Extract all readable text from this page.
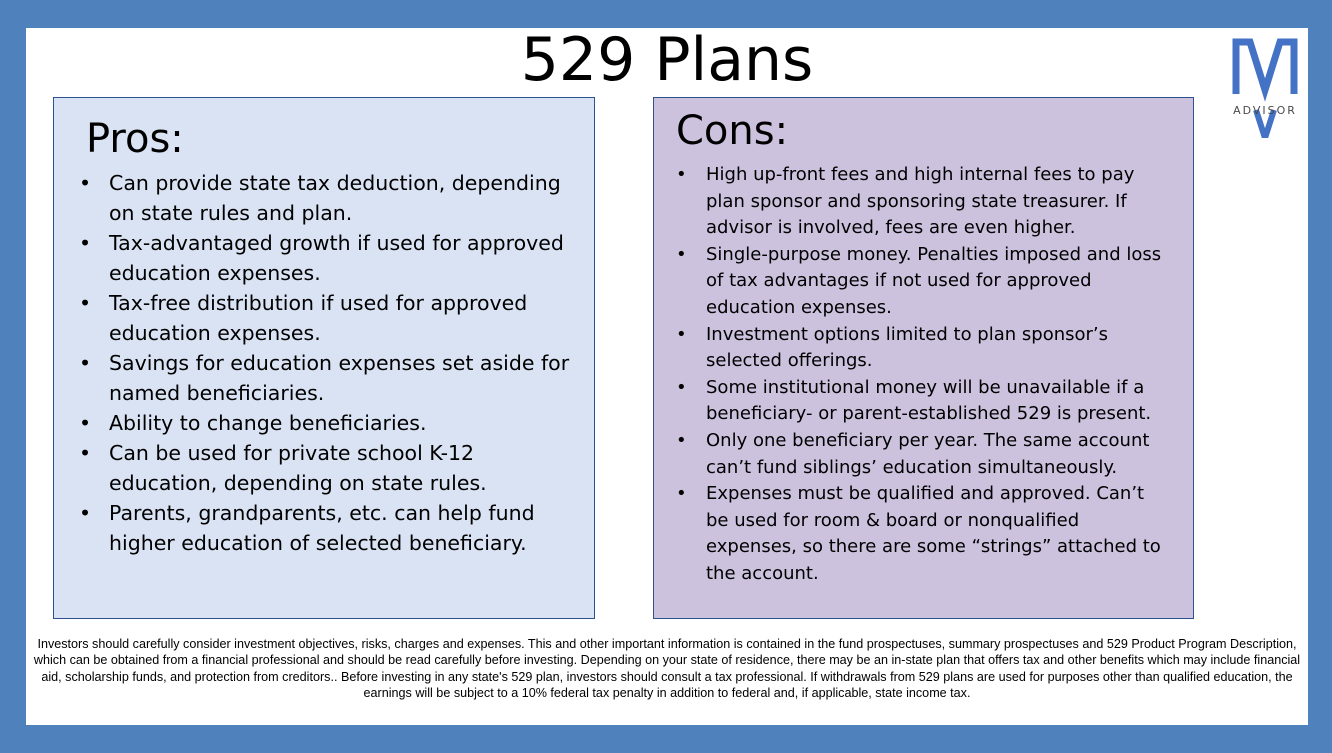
529 Plans
ADVISOR
Pros:
• Can provide state tax deduction, depending on state rules and plan.
• Tax-advantaged growth if used for approved education expenses.
• Tax-free distribution if used for approved education expenses.
• Savings for education expenses set aside for named beneficiaries.
• Ability to change beneficiaries.
• Can be used for private school K-12 education, depending on state rules.
• Parents, grandparents, etc. can help fund higher education of selected beneficiary.
Cons:
• High up-front fees and high internal fees to pay plan sponsor and sponsoring state treasurer. If advisor is involved, fees are even higher.
• Single-purpose money. Penalties imposed and loss of tax advantages if not used for approved education expenses.
• Investment options limited to plan sponsor’s selected offerings.
• Some institutional money will be unavailable if a beneficiary- or parent-established 529 is present.
• Only one beneficiary per year. The same account can’t fund siblings’ education simultaneously.
• Expenses must be qualified and approved. Can’t be used for room & board or nonqualified expenses, so there are some “strings” attached to the account.
Investors should carefully consider investment objectives, risks, charges and expenses. This and other important information is contained in the fund prospectuses, summary prospectuses and 529 Product Program Description, which can be obtained from a financial professional and should be read carefully before investing. Depending on your state of residence, there may be an in-state plan that offers tax and other benefits which may include financial aid, scholarship funds, and protection from creditors.. Before investing in any state's 529 plan, investors should consult a tax professional. If withdrawals from 529 plans are used for purposes other than qualified education, the earnings will be subject to a 10% federal tax penalty in addition to federal and, if applicable, state income tax.
